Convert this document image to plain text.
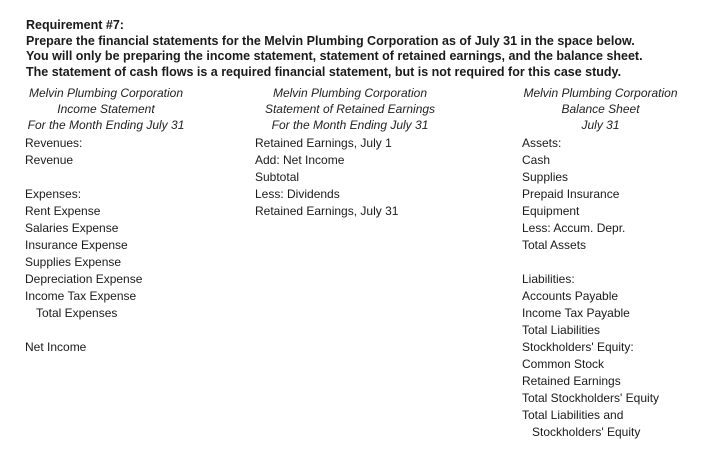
Requirement #7:
Prepare the financial statements for the Melvin Plumbing Corporation as of July 31 in the space below.
You will only be preparing the income statement, statement of retained earnings, and the balance sheet.
The statement of cash flows is a required financial statement, but is not required for this case study.
Melvin Plumbing Corporation
Income Statement
For the Month Ending July 31
Revenues:
Revenue
Expenses:
Rent Expense
Salaries Expense
Insurance Expense
Supplies Expense
Depreciation Expense
Income Tax Expense
Total Expenses
Net Income
Melvin Plumbing Corporation
Statement of Retained Earnings
For the Month Ending July 31
Retained Earnings, July 1
Add: Net Income
Subtotal
Less: Dividends
Retained Earnings, July 31
Melvin Plumbing Corporation
Balance Sheet
July 31
Assets:
Cash
Supplies
Prepaid Insurance
Equipment
Less: Accum. Depr.
Total Assets
Liabilities:
Accounts Payable
Income Tax Payable
Total Liabilities
Stockholders' Equity:
Common Stock
Retained Earnings
Total Stockholders' Equity
Total Liabilities and
Stockholders' Equity
